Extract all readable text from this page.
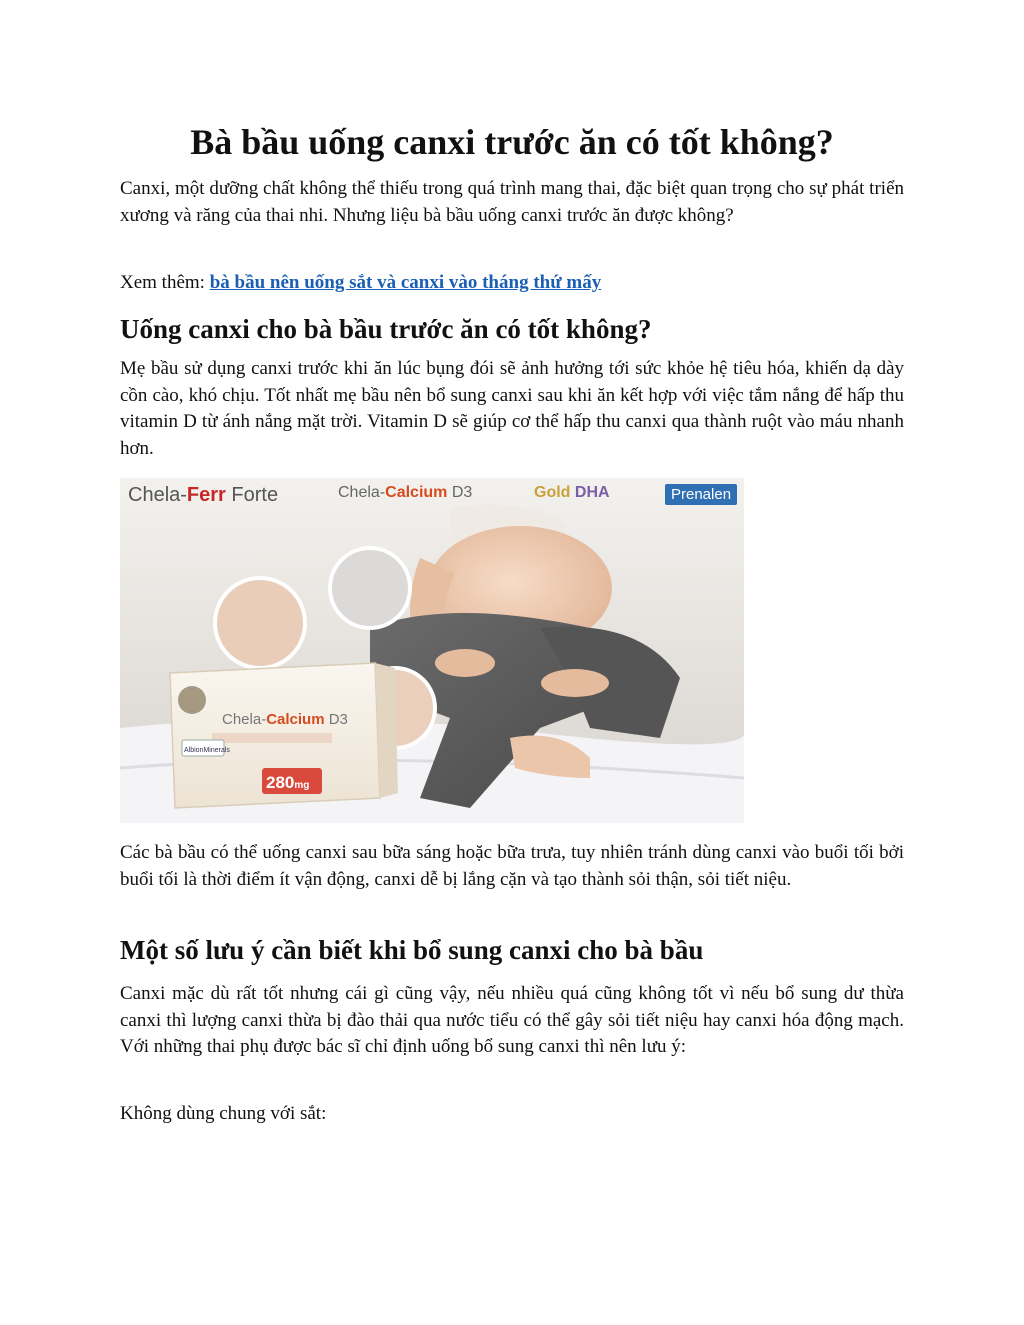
Bà bầu uống canxi trước ăn có tốt không?

Canxi, một dưỡng chất không thể thiếu trong quá trình mang thai, đặc biệt quan trọng cho sự phát triển xương và răng của thai nhi. Nhưng liệu bà bầu uống canxi trước ăn được không?

Xem thêm: bà bầu nên uống sắt và canxi vào tháng thứ mấy

Uống canxi cho bà bầu trước ăn có tốt không?

Mẹ bầu sử dụng canxi trước khi ăn lúc bụng đói sẽ ảnh hưởng tới sức khỏe hệ tiêu hóa, khiến dạ dày cồn cào, khó chịu. Tốt nhất mẹ bầu nên bổ sung canxi sau khi ăn kết hợp với việc tắm nắng để hấp thu vitamin D từ ánh nắng mặt trời. Vitamin D sẽ giúp cơ thể hấp thu canxi qua thành ruột vào máu nhanh hơn.

Chela-Calcium D3
280mg
AlbionMinerals
Chela-Ferr Forte	Chela-Calcium D3	Gold DHA	Prenalen

Các bà bầu có thể uống canxi sau bữa sáng hoặc bữa trưa, tuy nhiên tránh dùng canxi vào buổi tối bởi buổi tối là thời điểm ít vận động, canxi dễ bị lắng cặn và tạo thành sỏi thận, sỏi tiết niệu.

Một số lưu ý cần biết khi bổ sung canxi cho bà bầu

Canxi mặc dù rất tốt nhưng cái gì cũng vậy, nếu nhiều quá cũng không tốt vì nếu bổ sung dư thừa canxi thì lượng canxi thừa bị đào thải qua nước tiểu có thể gây sỏi tiết niệu hay canxi hóa động mạch. Với những thai phụ được bác sĩ chỉ định uống bổ sung canxi thì nên lưu ý:

Không dùng chung với sắt:
